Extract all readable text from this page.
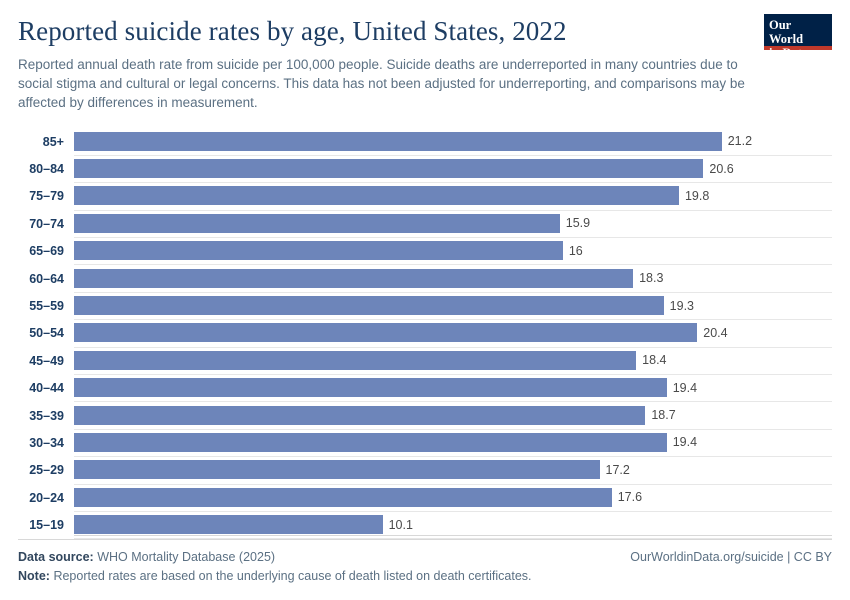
Reported suicide rates by age, United States, 2022

Reported annual death rate from suicide per 100,000 people. Suicide deaths are underreported in many countries due to social stigma and cultural or legal concerns. This data has not been adjusted for underreporting, and comparisons may be affected by differences in measurement.

Our World
in Data
85+	21.2
80–84	20.6
75–79	19.8
70–74	15.9
65–69	16
60–64	18.3
55–59	19.3
50–54	20.4
45–49	18.4
40–44	19.4
35–39	18.7
30–34	19.4
25–29	17.2
20–24	17.6
15–19	10.1
Data source: WHO Mortality Database (2025)	OurWorldinData.org/suicide | CC BY
Note: Reported rates are based on the underlying cause of death listed on death certificates.
